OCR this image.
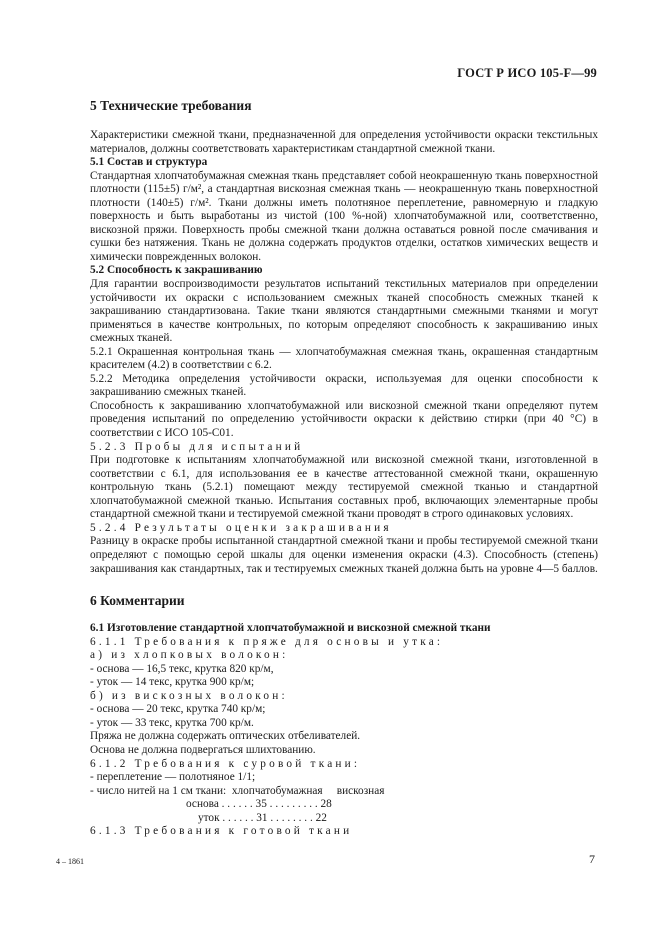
ГОСТ Р ИСО 105-F—99
5 Технические требования

Характеристики смежной ткани, предназначенной для определения устойчивости окраски текстильных материалов, должны соответствовать характеристикам стандартной смежной ткани.

5.1 Состав и структура

Стандартная хлопчатобумажная смежная ткань представляет собой неокрашенную ткань поверхностной плотности (115±5) г/м², а стандартная вискозная смежная ткань — неокрашенную ткань поверхностной плотности (140±5) г/м². Ткани должны иметь полотняное переплетение, равномерную и гладкую поверхность и быть выработаны из чистой (100 %-ной) хлопчатобумажной или, соответственно, вискозной пряжи. Поверхность пробы смежной ткани должна оставаться ровной после смачивания и сушки без натяжения. Ткань не должна содержать продуктов отделки, остатков химических веществ и химически поврежденных волокон.

5.2 Способность к закрашиванию

Для гарантии воспроизводимости результатов испытаний текстильных материалов при определении устойчивости их окраски с использованием смежных тканей способность смежных тканей к закрашиванию стандартизована. Такие ткани являются стандартными смежными тканями и могут применяться в качестве контрольных, по которым определяют способность к закрашиванию иных смежных тканей.

5.2.1 Окрашенная контрольная ткань — хлопчатобумажная смежная ткань, окрашенная стандартным красителем (4.2) в соответствии с 6.2.

5.2.2 Методика определения устойчивости окраски, используемая для оценки способности к закрашиванию смежных тканей.

Способность к закрашиванию хлопчатобумажной или вискозной смежной ткани определяют путем проведения испытаний по определению устойчивости окраски к действию стирки (при 40 °С) в соответствии с ИСО 105-С01.

5.2.3 Пробы для испытаний

При подготовке к испытаниям хлопчатобумажной или вискозной смежной ткани, изготовленной в соответствии с 6.1, для использования ее в качестве аттестованной смежной ткани, окрашенную контрольную ткань (5.2.1) помещают между тестируемой смежной тканью и стандартной хлопчатобумажной смежной тканью. Испытания составных проб, включающих элементарные пробы стандартной смежной ткани и тестируемой смежной ткани проводят в строго одинаковых условиях.

5.2.4 Результаты оценки закрашивания

Разницу в окраске пробы испытанной стандартной смежной ткани и пробы тестируемой смежной ткани определяют с помощью серой шкалы для оценки изменения окраски (4.3). Способность (степень) закрашивания как стандартных, так и тестируемых смежных тканей должна быть на уровне 4—5 баллов.

6 Комментарии
6.1 Изготовление стандартной хлопчатобумажной и вискозной смежной ткани
6.1.1 Требования к пряже для основы и утка:
а) из хлопковых волокон:
- основа — 16,5 текс, крутка 820 кр/м,
- уток — 14 текс, крутка 900 кр/м;
б) из вискозных волокон:
- основа — 20 текс, крутка 740 кр/м;
- уток — 33 текс, крутка 700 кр/м.
Пряжа не должна содержать оптических отбеливателей.
Основа не должна подвергаться шлихтованию.
6.1.2 Требования к суровой ткани:
- переплетение — полотняное 1/1;
- число нитей на 1 см ткани:  хлопчатобумажная     вискозная
основа . . . . . . 35 . . . . . . . . . 28
уток . . . . . . 31 . . . . . . . . 22
6.1.3 Требования к готовой ткани
4 – 1861	7
